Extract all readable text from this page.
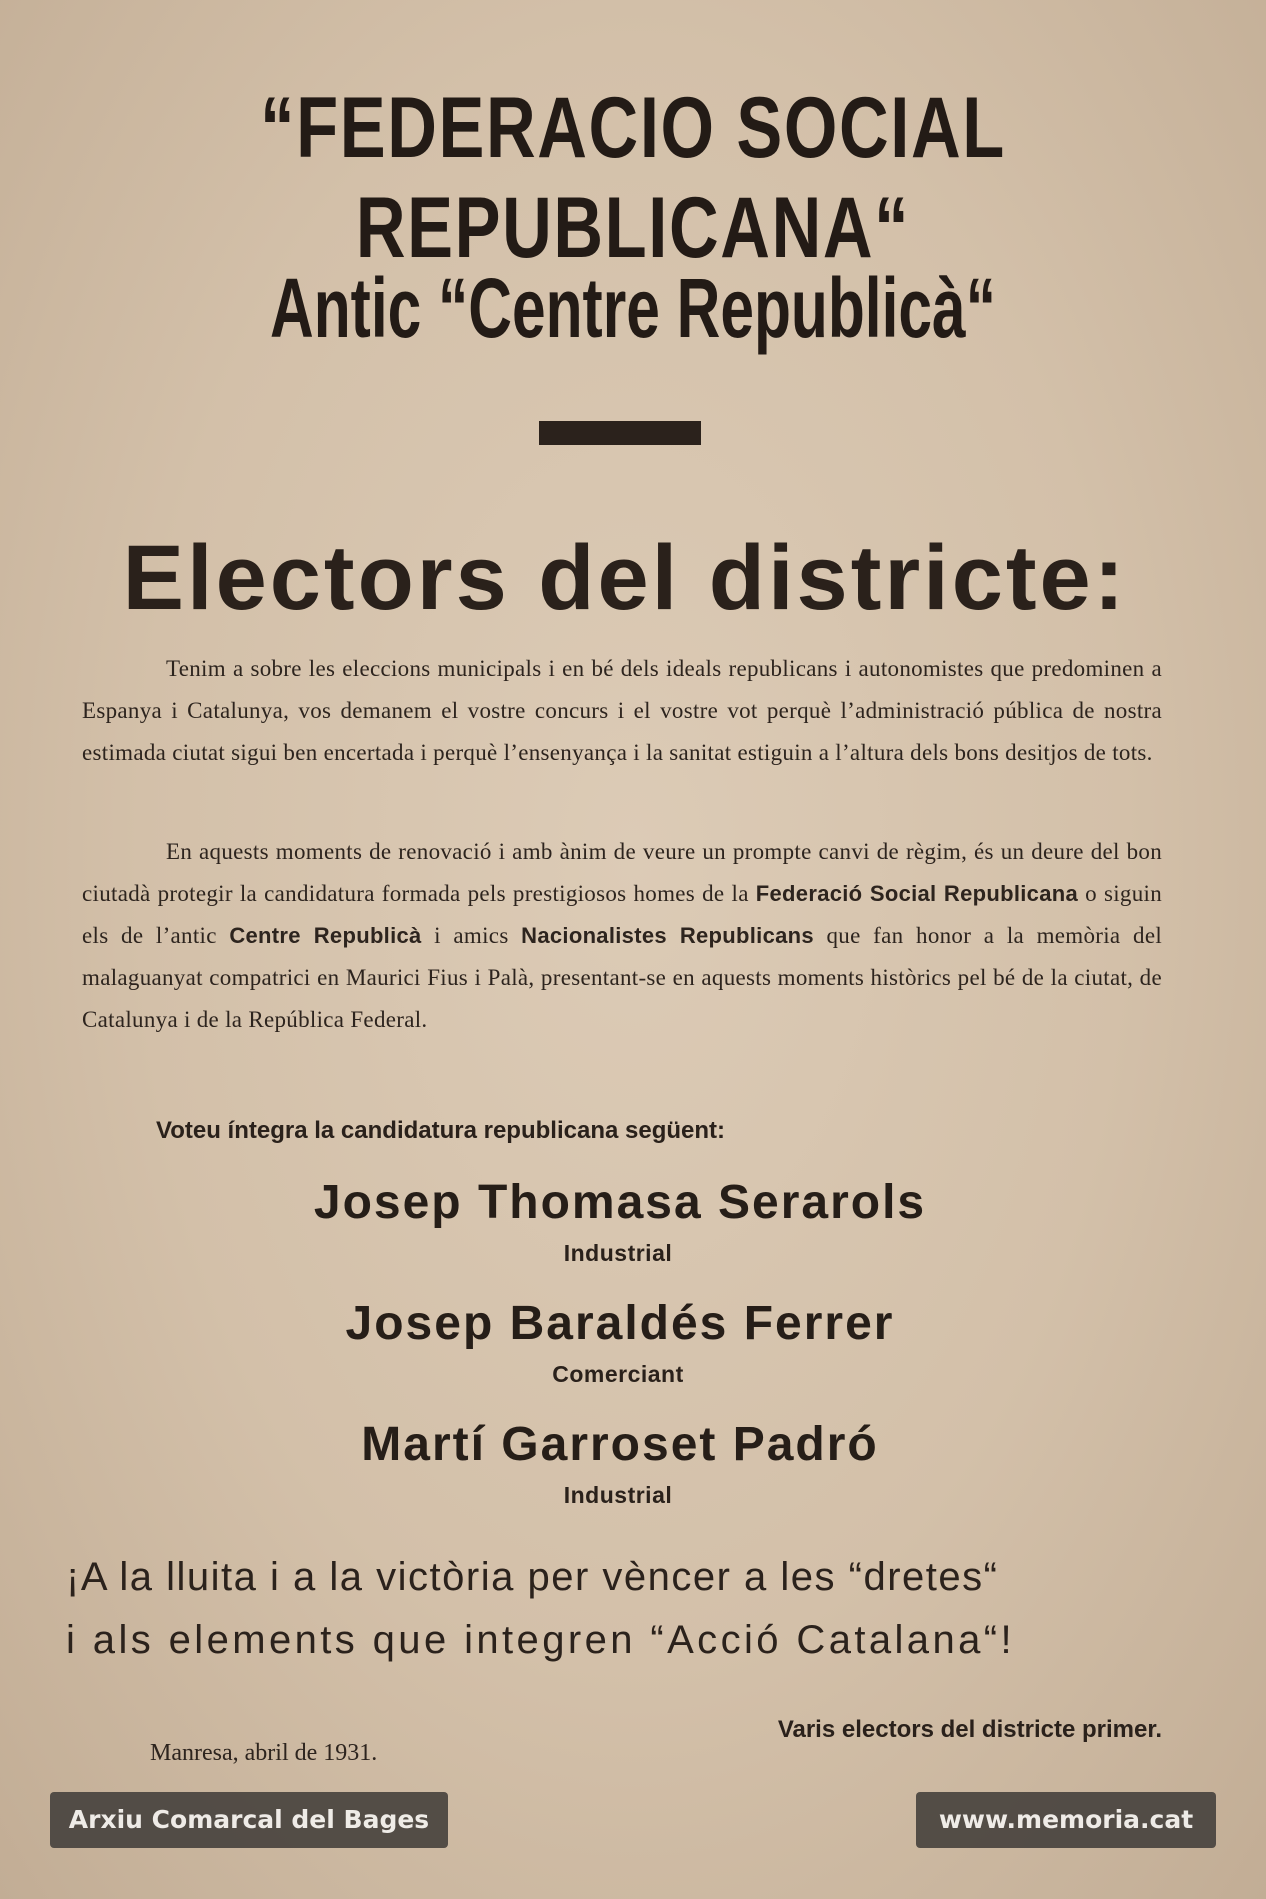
“FEDERACIO SOCIAL REPUBLICANA“
Antic “Centre Republicà“
Electors del districte:
Tenim a sobre les eleccions municipals i en bé dels ideals republicans i autonomistes que predominen a Espanya i Catalunya, vos demanem el vostre concurs i el vostre vot perquè l’administració pública de nostra estimada ciutat sigui ben encertada i perquè l’ensenyança i la sanitat estiguin a l’altura dels bons desitjos de tots.
En aquests moments de renovació i amb ànim de veure un prompte canvi de règim, és un deure del bon ciutadà protegir la candidatura formada pels prestigiosos homes de la Federació Social Republicana o siguin els de l’antic Centre Republicà i amics Nacionalistes Republicans que fan honor a la memòria del malaguanyat compatrici en Maurici Fius i Palà, presentant-se en aquests moments històrics pel bé de la ciutat, de Catalunya i de la República Federal.
Voteu íntegra la candidatura republicana següent:
Josep Thomasa Serarols
Industrial
Josep Baraldés Ferrer
Comerciant
Martí Garroset Padró
Industrial
¡A la lluita i a la victòria per vèncer a les “dretes“
i als elements que integren “Acció Catalana“!
Varis electors del districte primer.
Manresa, abril de 1931.
Arxiu Comarcal del Bages	www.memoria.cat
